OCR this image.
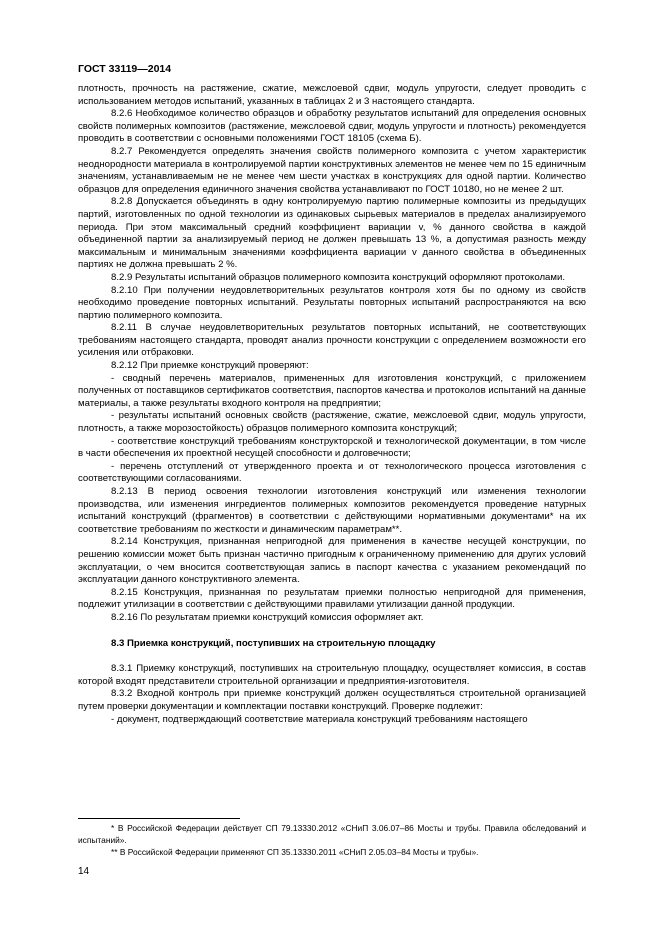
ГОСТ 33119—2014

плотность, прочность на растяжение, сжатие, межслоевой сдвиг, модуль упругости, следует проводить с использованием методов испытаний, указанных в таблицах 2 и 3 настоящего стандарта.

8.2.6 Необходимое количество образцов и обработку результатов испытаний для определения основных свойств полимерных композитов (растяжение, межслоевой сдвиг, модуль упругости и плотность) рекомендуется проводить в соответствии с основными положениями ГОСТ 18105 (схема Б).

8.2.7 Рекомендуется определять значения свойств полимерного композита с учетом характеристик неоднородности материала в контролируемой партии конструктивных элементов не менее чем по 15 единичным значениям, устанавливаемым не не менее чем шести участках в конструкциях для одной партии. Количество образцов для определения единичного значения свойства устанавливают по ГОСТ 10180, но не менее 2 шт.

8.2.8 Допускается объединять в одну контролируемую партию полимерные композиты из предыдущих партий, изготовленных по одной технологии из одинаковых сырьевых материалов в пределах анализируемого периода. При этом максимальный средний коэффициент вариации v, % данного свойства в каждой объединенной партии за анализируемый период не должен превышать 13 %, а допустимая разность между максимальным и минимальным значениями коэффициента вариации v данного свойства в объединенных партиях не должна превышать 2 %.

8.2.9 Результаты испытаний образцов полимерного композита конструкций оформляют протоколами.

8.2.10 При получении неудовлетворительных результатов контроля хотя бы по одному из свойств необходимо проведение повторных испытаний. Результаты повторных испытаний распространяются на всю партию полимерного композита.

8.2.11 В случае неудовлетворительных результатов повторных испытаний, не соответствующих требованиям настоящего стандарта, проводят анализ прочности конструкции с определением возможности его усиления или отбраковки.

8.2.12 При приемке конструкций проверяют:

- сводный перечень материалов, примененных для изготовления конструкций, с приложением полученных от поставщиков сертификатов соответствия, паспортов качества и протоколов испытаний на данные материалы, а также результаты входного контроля на предприятии;

- результаты испытаний основных свойств (растяжение, сжатие, межслоевой сдвиг, модуль упругости, плотность, а также морозостойкость) образцов полимерного композита конструкций;

- соответствие конструкций требованиям конструкторской и технологической документации, в том числе в части обеспечения их проектной несущей способности и долговечности;

- перечень отступлений от утвержденного проекта и от технологического процесса изготовления с соответствующими согласованиями.

8.2.13 В период освоения технологии изготовления конструкций или изменения технологии производства, или изменения ингредиентов полимерных композитов рекомендуется проведение натурных испытаний конструкций (фрагментов) в соответствии с действующими нормативными документами* на их соответствие требованиям по жесткости и динамическим параметрам**.

8.2.14 Конструкция, признанная непригодной для применения в качестве несущей конструкции, по решению комиссии может быть признан частично пригодным к ограниченному применению для других условий эксплуатации, о чем вносится соответствующая запись в паспорт качества с указанием рекомендаций по эксплуатации данного конструктивного элемента.

8.2.15 Конструкция, признанная по результатам приемки полностью непригодной для применения, подлежит утилизации в соответствии с действующими правилами утилизации данной продукции.

8.2.16 По результатам приемки конструкций комиссия оформляет акт.

8.3 Приемка конструкций, поступивших на строительную площадку

8.3.1 Приемку конструкций, поступивших на строительную площадку, осуществляет комиссия, в состав которой входят представители строительной организации и предприятия-изготовителя.

8.3.2 Входной контроль при приемке конструкций должен осуществляться строительной организацией путем проверки документации и комплектации поставки конструкций. Проверке подлежит:

- документ, подтверждающий соответствие материала конструкций требованиям настоящего

* В Российской Федерации действует СП 79.13330.2012 «СНиП 3.06.07–86 Мосты и трубы. Правила обследований и испытаний».
** В Российской Федерации применяют СП 35.13330.2011 «СНиП 2.05.03–84 Мосты и трубы».
14
